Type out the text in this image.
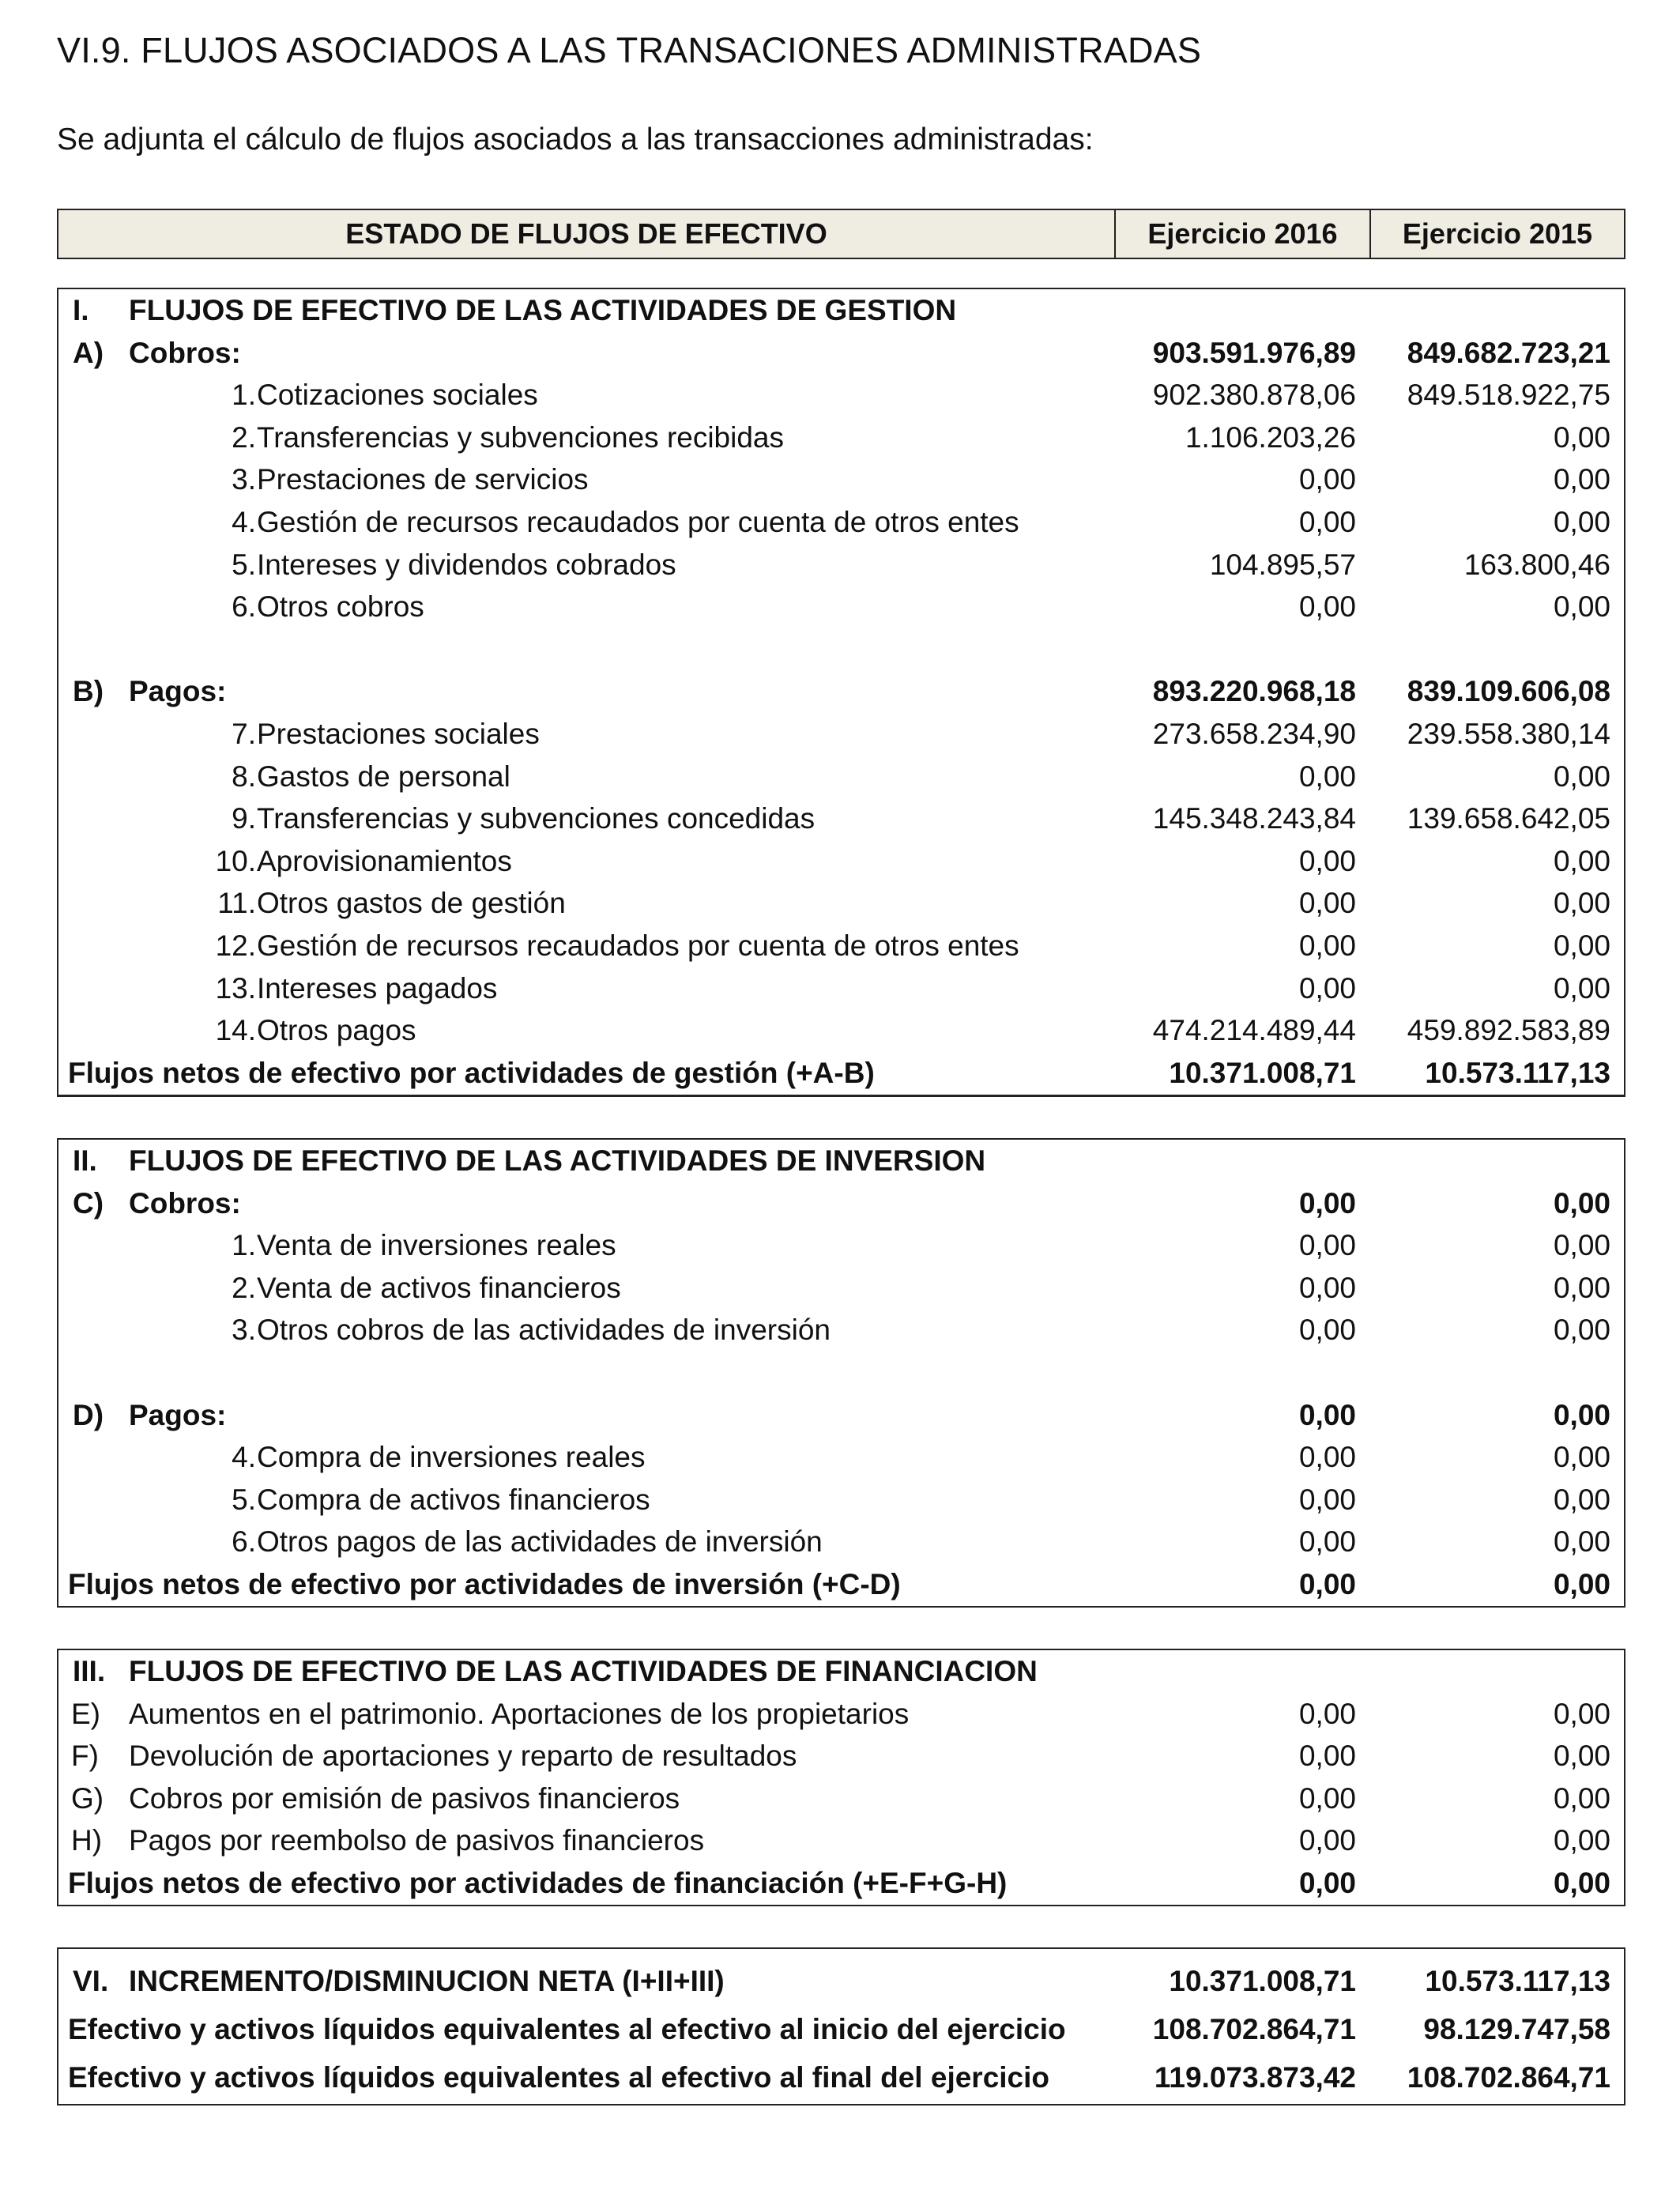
VI.9. FLUJOS ASOCIADOS A LAS TRANSACIONES ADMINISTRADAS
Se adjunta el cálculo de flujos asociados a las transacciones administradas:
ESTADO DE FLUJOS DE EFECTIVO	Ejercicio 2016	Ejercicio 2015
I. FLUJOS DE EFECTIVO DE LAS ACTIVIDADES DE GESTION
A) Cobros:	903.591.976,89 849.682.723,21
1. Cotizaciones sociales	902.380.878,06 849.518.922,75
2. Transferencias y subvenciones recibidas	1.106.203,26	0,00
3. Prestaciones de servicios	0,00	0,00
4. Gestión de recursos recaudados por cuenta de otros entes	0,00	0,00
5. Intereses y dividendos cobrados	104.895,57	163.800,46
6. Otros cobros	0,00	0,00
B) Pagos:	893.220.968,18 839.109.606,08
7. Prestaciones sociales	273.658.234,90 239.558.380,14
8. Gastos de personal	0,00	0,00
9. Transferencias y subvenciones concedidas	145.348.243,84 139.658.642,05
10. Aprovisionamientos	0,00	0,00
11. Otros gastos de gestión	0,00	0,00
12. Gestión de recursos recaudados por cuenta de otros entes	0,00	0,00
13. Intereses pagados	0,00	0,00
14. Otros pagos	474.214.489,44 459.892.583,89
Flujos netos de efectivo por actividades de gestión (+A-B)	10.371.008,71 10.573.117,13
II. FLUJOS DE EFECTIVO DE LAS ACTIVIDADES DE INVERSION
C) Cobros:	0,00	0,00
1. Venta de inversiones reales	0,00	0,00
2. Venta de activos financieros	0,00	0,00
3. Otros cobros de las actividades de inversión	0,00	0,00
D) Pagos:	0,00	0,00
4. Compra de inversiones reales	0,00	0,00
5. Compra de activos financieros	0,00	0,00
6. Otros pagos de las actividades de inversión	0,00	0,00
Flujos netos de efectivo por actividades de inversión (+C-D)	0,00	0,00
III. FLUJOS DE EFECTIVO DE LAS ACTIVIDADES DE FINANCIACION
E) Aumentos en el patrimonio. Aportaciones de los propietarios	0,00	0,00
F) Devolución de aportaciones y reparto de resultados	0,00	0,00
G) Cobros por emisión de pasivos financieros	0,00	0,00
H) Pagos por reembolso de pasivos financieros	0,00	0,00
Flujos netos de efectivo por actividades de financiación (+E-F+G-H)	0,00	0,00
VI. INCREMENTO/DISMINUCION NETA (I+II+III)	10.371.008,71 10.573.117,13
Efectivo y activos líquidos equivalentes al efectivo al inicio del ejercicio	108.702.864,71 98.129.747,58
Efectivo y activos líquidos equivalentes al efectivo al final del ejercicio	119.073.873,42 108.702.864,71
